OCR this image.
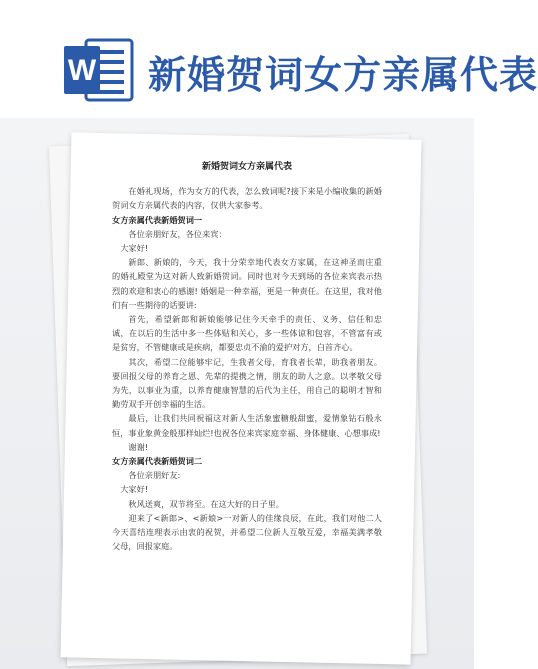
W 新婚贺词女方亲属代表
新婚贺词女方亲属代表

在婚礼现场，作为女方的代表，怎么致词呢?接下来是小编收集的新婚贺词女方亲属代表的内容，仅供大家参考。

女方亲属代表新婚贺词一

各位亲朋好友，各位来宾：

大家好!

新郎、新娘的，今天，我十分荣幸地代表女方家属，在这神圣而庄重的婚礼殿堂为这对新人致新婚贺词。同时也对今天到场的各位来宾表示热烈的欢迎和衷心的感谢! 婚姻是一种幸福，更是一种责任。在这里，我对他们有一些期待的话要讲:

首先，希望新郎和新娘能够记住今天牵手的责任、义务、信任和忠诚，在以后的生活中多一些体贴和关心，多一些体谅和包容，不管富有或是贫穷，不管健康或是疾病，都要忠贞不渝的爱护对方，白首齐心。

其次，希望二位能够牢记，生我者父母，育我者长辈，助我者朋友。要回报父母的养育之恩、先辈的提携之情，朋友的助人之意。以孝敬父母为先，以事业为重，以养育健康智慧的后代为主任，用自己的聪明才智和勤劳双手开创幸福的生活。

最后，让我们共同祝福这对新人生活象蜜糖般甜蜜，爱情象钻石般永恒，事业象黄金般那样灿烂!也祝各位来宾家庭幸福、身体健康、心想事成!

谢谢!

女方亲属代表新婚贺词二

各位亲朋好友:

大家好!

秋风送爽，双节将至。在这大好的日子里。

迎来了<新郎>、<新娘>一对新人的佳缘良辰，在此，我们对他二人今天喜结连理表示由衷的祝贺，并希望二位新人互敬互爱，幸福美满孝敬父母，回报家庭。
